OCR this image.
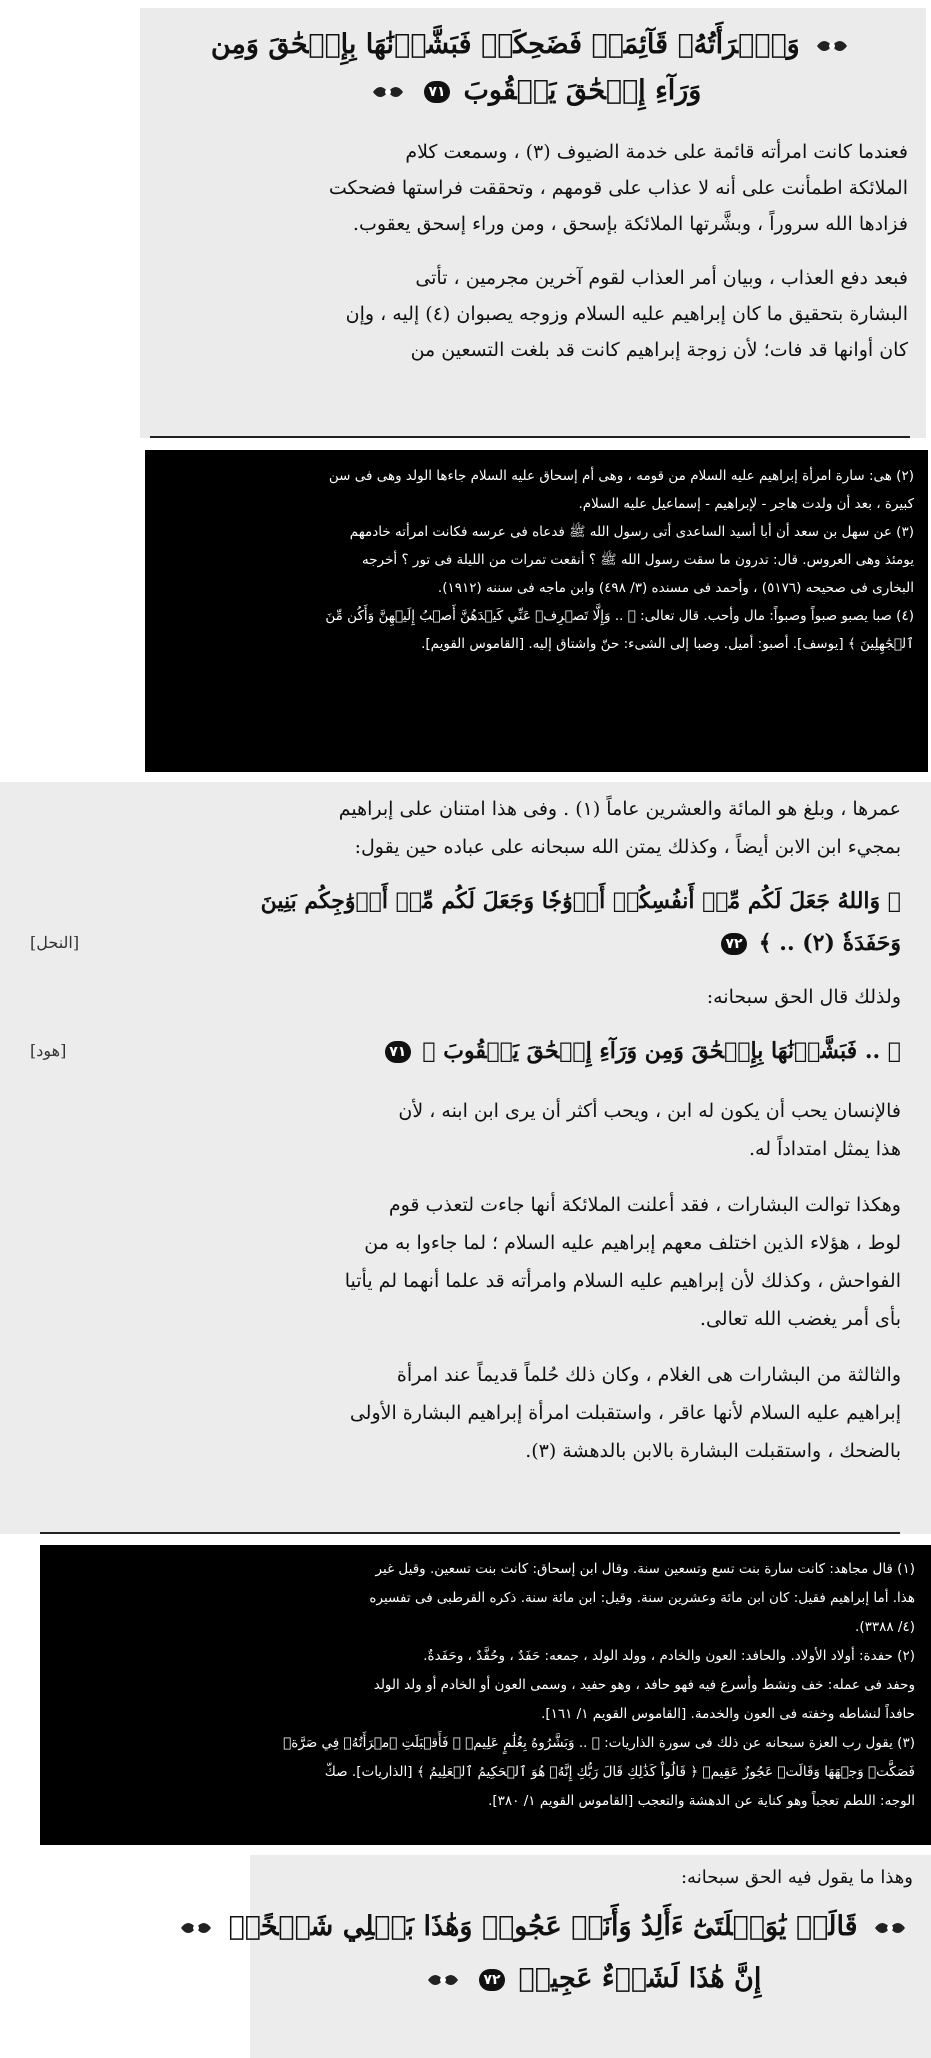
وَٱمۡرَأَتُهُۥ قَآئِمَةٞ فَضَحِكَتۡ فَبَشَّرۡنَٰهَا بِإِسۡحَٰقَ وَمِن
وَرَآءِ إِسۡحَٰقَ يَعۡقُوبَ ٧١
فعندما كانت امرأته قائمة على خدمة الضيوف (٣) ، وسمعت كلام
الملائكة اطمأنت على أنه لا عذاب على قومهم ، وتحققت فراستها فضحكت
فزادها الله سروراً ، وبشَّرتها الملائكة بإسحق ، ومن وراء إسحق يعقوب.
فبعد دفع العذاب ، وبيان أمر العذاب لقوم آخرين مجرمين ، تأتى
البشارة بتحقيق ما كان إبراهيم عليه السلام وزوجه يصبوان (٤) إليه ، وإن
كان أوانها قد فات؛ لأن زوجة إبراهيم كانت قد بلغت التسعين من
(٢) هى: سارة امرأة إبراهيم عليه السلام من قومه ، وهى أم إسحاق عليه السلام جاءها الولد وهى فى سن
كبيرة ، بعد أن ولدت هاجر - لإبراهيم - إسماعيل عليه السلام.
(٣) عن سهل بن سعد أن أبا أسيد الساعدى أتى رسول الله ﷺ فدعاه فى عرسه فكانت امرأته خادمهم
يومئذ وهى العروس. قال: تدرون ما سقت رسول الله ﷺ ؟ أنقعت تمرات من الليلة فى تور ؟ أخرجه
البخارى فى صحيحه (٥١٧٦) ، وأحمد فى مسنده (٣/ ٤٩٨) وابن ماجه فى سننه (١٩١٢).
(٤) صبا يصبو صبواً وصبواً: مال وأحب. قال تعالى: ﴿ .. وَإِلَّا تَصۡرِفۡ عَنِّي كَيۡدَهُنَّ أَصۡبُ إِلَيۡهِنَّ وَأَكُن مِّنَ
ٱلۡجَٰهِلِينَ ﴾ [يوسف]. أصبو: أميل. وصبا إلى الشىء: حنّ واشتاق إليه. [القاموس القويم].
عمرها ، وبلغ هو المائة والعشرين عاماً (١) . وفى هذا امتنان على إبراهيم
بمجيء ابن الابن أيضاً ، وكذلك يمتن الله سبحانه على عباده حين يقول:
﴿ وَاللهُ جَعَلَ لَكُم مِّنۡ أَنفُسِكُمۡ أَزۡوَٰجٗا وَجَعَلَ لَكُم مِّنۡ أَزۡوَٰجِكُم بَنِينَ
وَحَفَدَةٗ (٢) .. ﴾ ٧٢
[النحل]
ولذلك قال الحق سبحانه:
﴿ .. فَبَشَّرۡنَٰهَا بِإِسۡحَٰقَ وَمِن وَرَآءِ إِسۡحَٰقَ يَعۡقُوبَ ﴾ ٧١
[هود]
فالإنسان يحب أن يكون له ابن ، ويحب أكثر أن يرى ابن ابنه ، لأن
هذا يمثل امتداداً له.
وهكذا توالت البشارات ، فقد أعلنت الملائكة أنها جاءت لتعذب قوم
لوط ، هؤلاء الذين اختلف معهم إبراهيم عليه السلام ؛ لما جاءوا به من
الفواحش ، وكذلك لأن إبراهيم عليه السلام وامرأته قد علما أنهما لم يأتيا
بأى أمر يغضب الله تعالى.
والثالثة من البشارات هى الغلام ، وكان ذلك حُلماً قديماً عند امرأة
إبراهيم عليه السلام لأنها عاقر ، واستقبلت امرأة إبراهيم البشارة الأولى
بالضحك ، واستقبلت البشارة بالابن بالدهشة (٣).
(١) قال مجاهد: كانت سارة بنت تسع وتسعين سنة. وقال ابن إسحاق: كانت بنت تسعين. وقيل غير
هذا. أما إبراهيم فقيل: كان ابن مائة وعشرين سنة. وقيل: ابن مائة سنة. ذكره القرطبى فى تفسيره
(٤/ ٣٣٨٨).
(٢) حفدة: أولاد الأولاد. والحافد: العون والخادم ، وولد الولد ، جمعه: حَفَدٌ ، وحُفَّدٌ ، وحَفَدةٌ.
وحفد فى عمله: خف ونشط وأسرع فيه فهو حافد ، وهو حفيد ، وسمى العون أو الخادم أو ولد الولد
حافداً لنشاطه وخفته فى العون والخدمة. [القاموس القويم ١/ ١٦١].
(٣) يقول رب العزة سبحانه عن ذلك فى سورة الذاريات: ﴿ .. وَبَشَّرُوهُ بِغُلَٰمٍ عَلِيمٖ ﴾ فَأَقۡبَلَتِ ٱمۡرَأَتُهُۥ فِي صَرَّةٖ
فَصَكَّتۡ وَجۡهَهَا وَقَالَتۡ عَجُوزٌ عَقِيمٞ ﴿ قَالُواْ كَذَٰلِكِ قَالَ رَبُّكِ إِنَّهُۥ هُوَ ٱلۡحَكِيمُ ٱلۡعَلِيمُ ﴾ [الذاريات]. صكّ
الوجه: اللطم تعجباً وهو كناية عن الدهشة والتعجب [القاموس القويم ١/ ٣٨٠].
وهذا ما يقول فيه الحق سبحانه:
قَالَتۡ يَٰوَيۡلَتَىٰٓ ءَأَلِدُ وَأَنَا۠ عَجُوزٞ وَهَٰذَا بَعۡلِي شَيۡخًاۖ
إِنَّ هَٰذَا لَشَيۡءٌ عَجِيبٞ ٧٢
